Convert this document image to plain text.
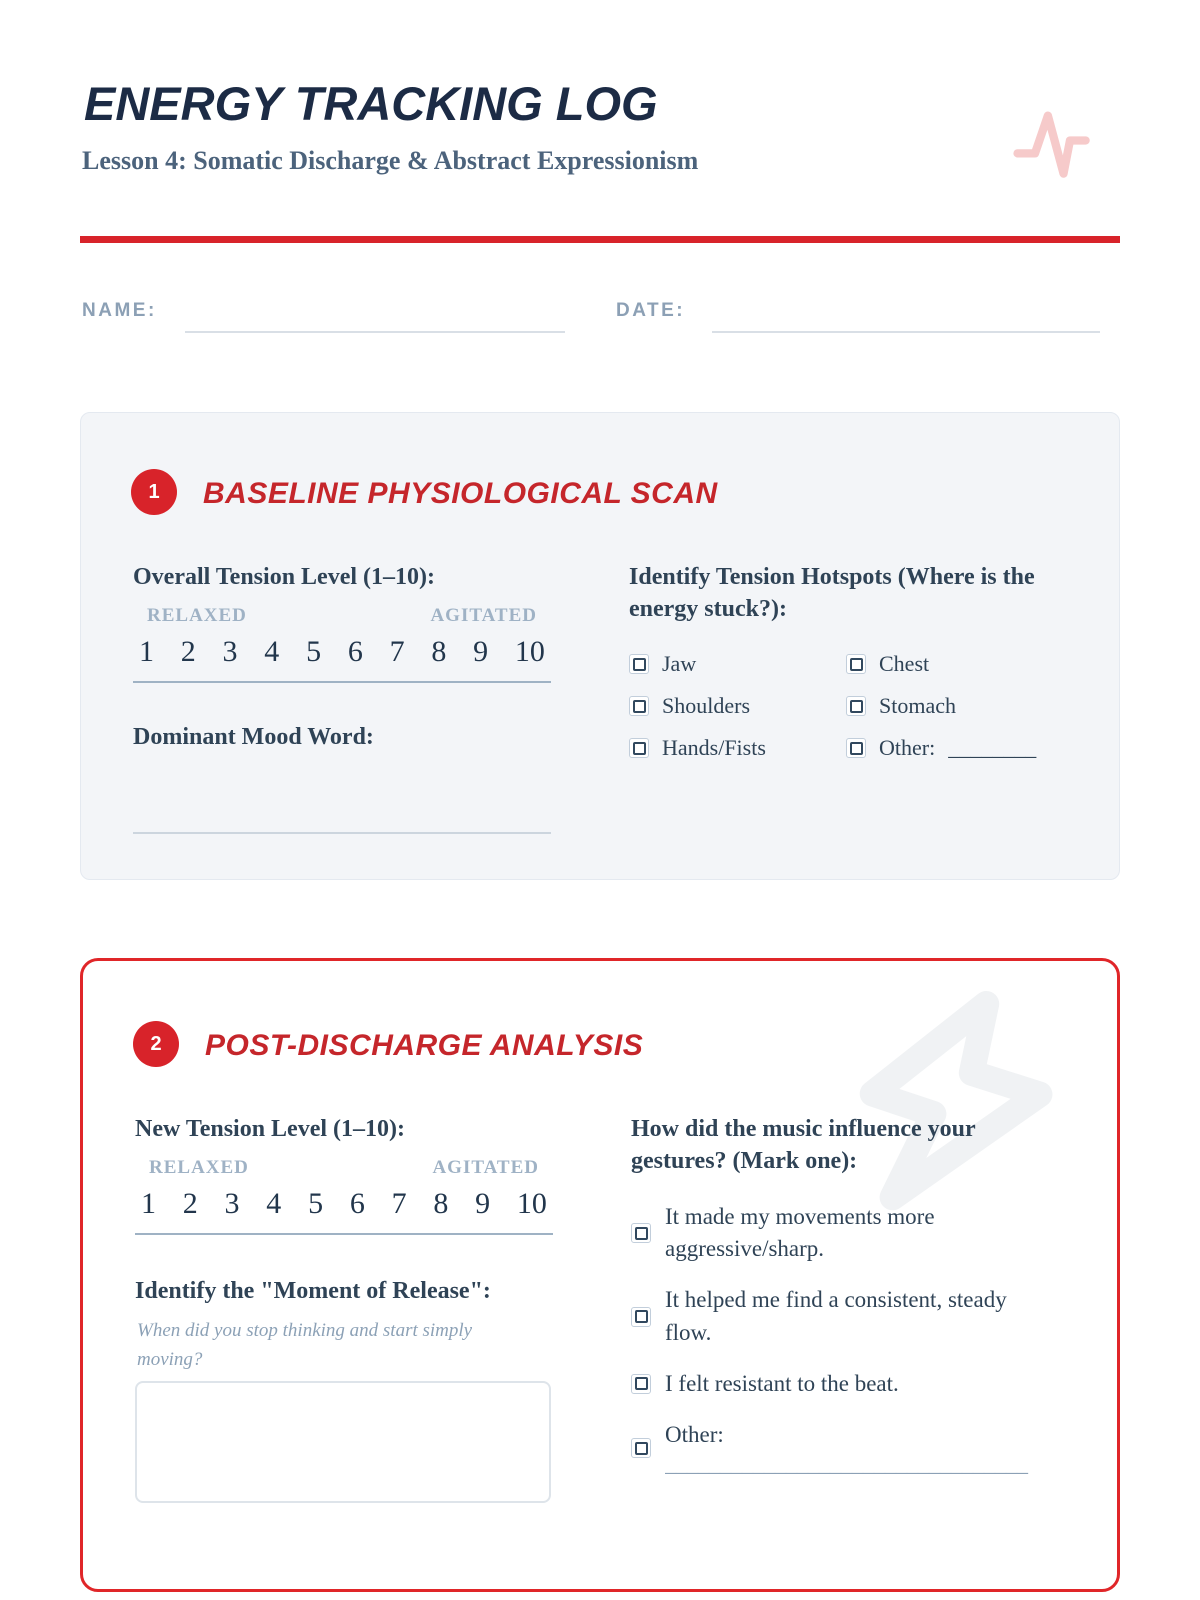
ENERGY TRACKING LOG
Lesson 4: Somatic Discharge & Abstract Expressionism
NAME:	DATE:
1 BASELINE PHYSIOLOGICAL SCAN
Overall Tension Level (1–10):
RELAXED	AGITATED
1 2 3 4 5 6 7 8 9 10
Dominant Mood Word:
Identify Tension Hotspots (Where is the energy stuck?):
Jaw	Chest
Shoulders	Stomach
Hands/Fists	Other: ________
2 POST-DISCHARGE ANALYSIS
New Tension Level (1–10):
RELAXED	AGITATED
1 2 3 4 5 6 7 8 9 10
Identify the "Moment of Release":
When did you stop thinking and start simply moving?
How did the music influence your gestures? (Mark one):
It made my movements more aggressive/sharp.
It helped me find a consistent, steady flow.
I felt resistant to the beat.
Other:
_________________________________
